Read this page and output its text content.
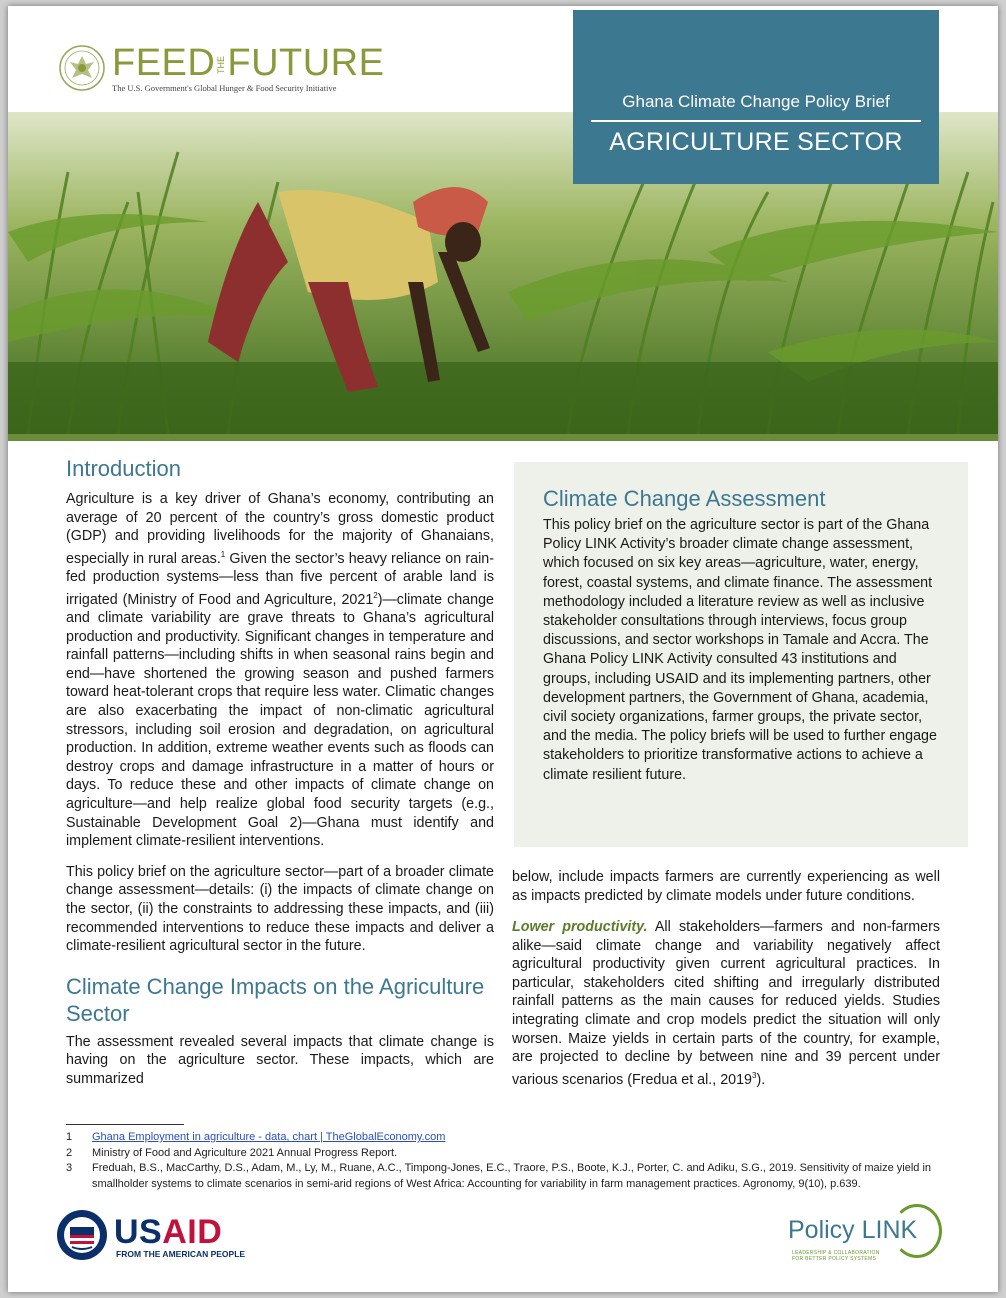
FEEDTHEFUTURE
The U.S. Government's Global Hunger & Food Security Initiative
Ghana Climate Change Policy Brief
AGRICULTURE SECTOR
Introduction

Agriculture is a key driver of Ghana’s economy, contributing an average of 20 percent of the country’s gross domestic product (GDP) and providing livelihoods for the majority of Ghanaians, especially in rural areas.$^1$ Given the sector’s heavy reliance on rain-fed production systems—less than five percent of arable land is irrigated (Ministry of Food and Agriculture, 2021$^2$)—climate change and climate variability are grave threats to Ghana’s agricultural production and productivity. Significant changes in temperature and rainfall patterns—including shifts in when seasonal rains begin and end—have shortened the growing season and pushed farmers toward heat-tolerant crops that require less water. Climatic changes are also exacerbating the impact of non-climatic agricultural stressors, including soil erosion and degradation, on agricultural production. In addition, extreme weather events such as floods can destroy crops and damage infrastructure in a matter of hours or days. To reduce these and other impacts of climate change on agriculture—and help realize global food security targets (e.g., Sustainable Development Goal 2)—Ghana must identify and implement climate-resilient interventions.

This policy brief on the agriculture sector—part of a broader climate change assessment—details: (i) the impacts of climate change on the sector, (ii) the constraints to addressing these impacts, and (iii) recommended interventions to reduce these impacts and deliver a climate-resilient agricultural sector in the future.

Climate Change Impacts on the Agriculture Sector

The assessment revealed several impacts that climate change is having on the agriculture sector. These impacts, which are summarized

Climate Change Assessment

This policy brief on the agriculture sector is part of the Ghana Policy LINK Activity’s broader climate change assessment, which focused on six key areas—agriculture, water, energy, forest, coastal systems, and climate finance. The assessment methodology included a literature review as well as inclusive stakeholder consultations through interviews, focus group discussions, and sector workshops in Tamale and Accra. The Ghana Policy LINK Activity consulted 43 institutions and groups, including USAID and its implementing partners, other development partners, the Government of Ghana, academia, civil society organizations, farmer groups, the private sector, and the media. The policy briefs will be used to further engage stakeholders to prioritize transformative actions to achieve a climate resilient future.

below, include impacts farmers are currently experiencing as well as impacts predicted by climate models under future conditions.

Lower productivity. All stakeholders—farmers and non-farmers alike—said climate change and variability negatively affect agricultural productivity given current agricultural practices. In particular, stakeholders cited shifting and irregularly distributed rainfall patterns as the main causes for reduced yields. Studies integrating climate and crop models predict the situation will only worsen. Maize yields in certain parts of the country, for example, are projected to decline by between nine and 39 percent under various scenarios (Fredua et al., 2019$^3$).

1	Ghana Employment in agriculture - data, chart | TheGlobalEconomy.com
2	Ministry of Food and Agriculture 2021 Annual Progress Report.
3	Freduah, B.S., MacCarthy, D.S., Adam, M., Ly, M., Ruane, A.C., Timpong-Jones, E.C., Traore, P.S., Boote, K.J., Porter, C. and Adiku, S.G., 2019. Sensitivity of maize yield in smallholder systems to climate scenarios in semi-arid regions of West Africa: Accounting for variability in farm management practices. Agronomy, 9(10), p.639.
USAID
FROM THE AMERICAN PEOPLE
Policy LINK
LEADERSHIP & COLLABORATION
FOR BETTER POLICY SYSTEMS
